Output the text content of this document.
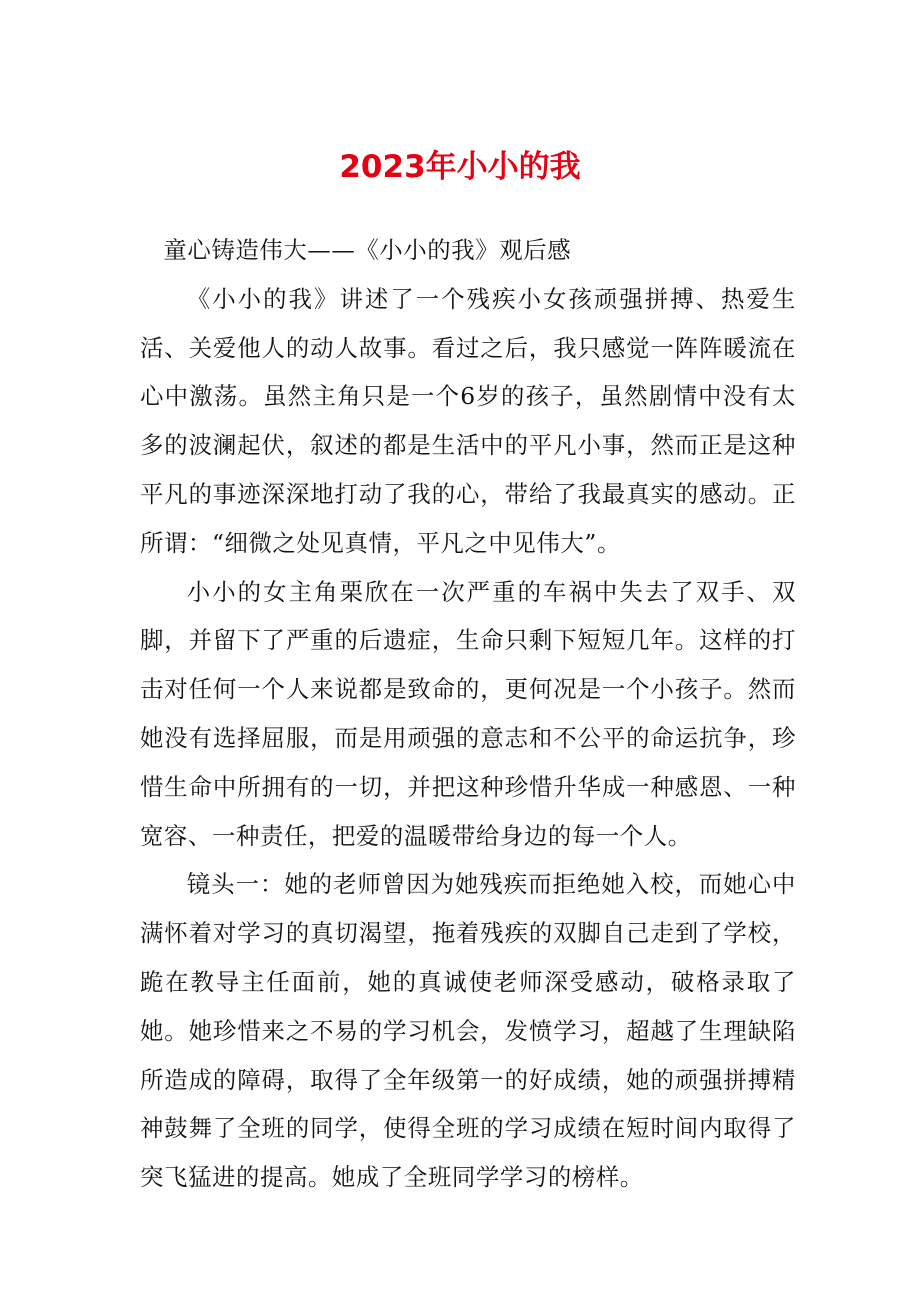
2023年小小的我

童心铸造伟大——《小小的我》观后感

《小小的我》讲述了一个残疾小女孩顽强拼搏、热爱生活、关爱他人的动人故事。看过之后，我只感觉一阵阵暖流在心中激荡。虽然主角只是一个6岁的孩子，虽然剧情中没有太多的波澜起伏，叙述的都是生活中的平凡小事，然而正是这种平凡的事迹深深地打动了我的心，带给了我最真实的感动。正所谓：“细微之处见真情，平凡之中见伟大”。

小小的女主角栗欣在一次严重的车祸中失去了双手、双脚，并留下了严重的后遗症，生命只剩下短短几年。这样的打击对任何一个人来说都是致命的，更何况是一个小孩子。然而她没有选择屈服，而是用顽强的意志和不公平的命运抗争，珍惜生命中所拥有的一切，并把这种珍惜升华成一种感恩、一种宽容、一种责任，把爱的温暖带给身边的每一个人。

镜头一：她的老师曾因为她残疾而拒绝她入校，而她心中满怀着对学习的真切渴望，拖着残疾的双脚自己走到了学校，跪在教导主任面前，她的真诚使老师深受感动，破格录取了她。她珍惜来之不易的学习机会，发愤学习，超越了生理缺陷所造成的障碍，取得了全年级第一的好成绩，她的顽强拼搏精神鼓舞了全班的同学，使得全班的学习成绩在短时间内取得了突飞猛进的提高。她成了全班同学学习的榜样。
